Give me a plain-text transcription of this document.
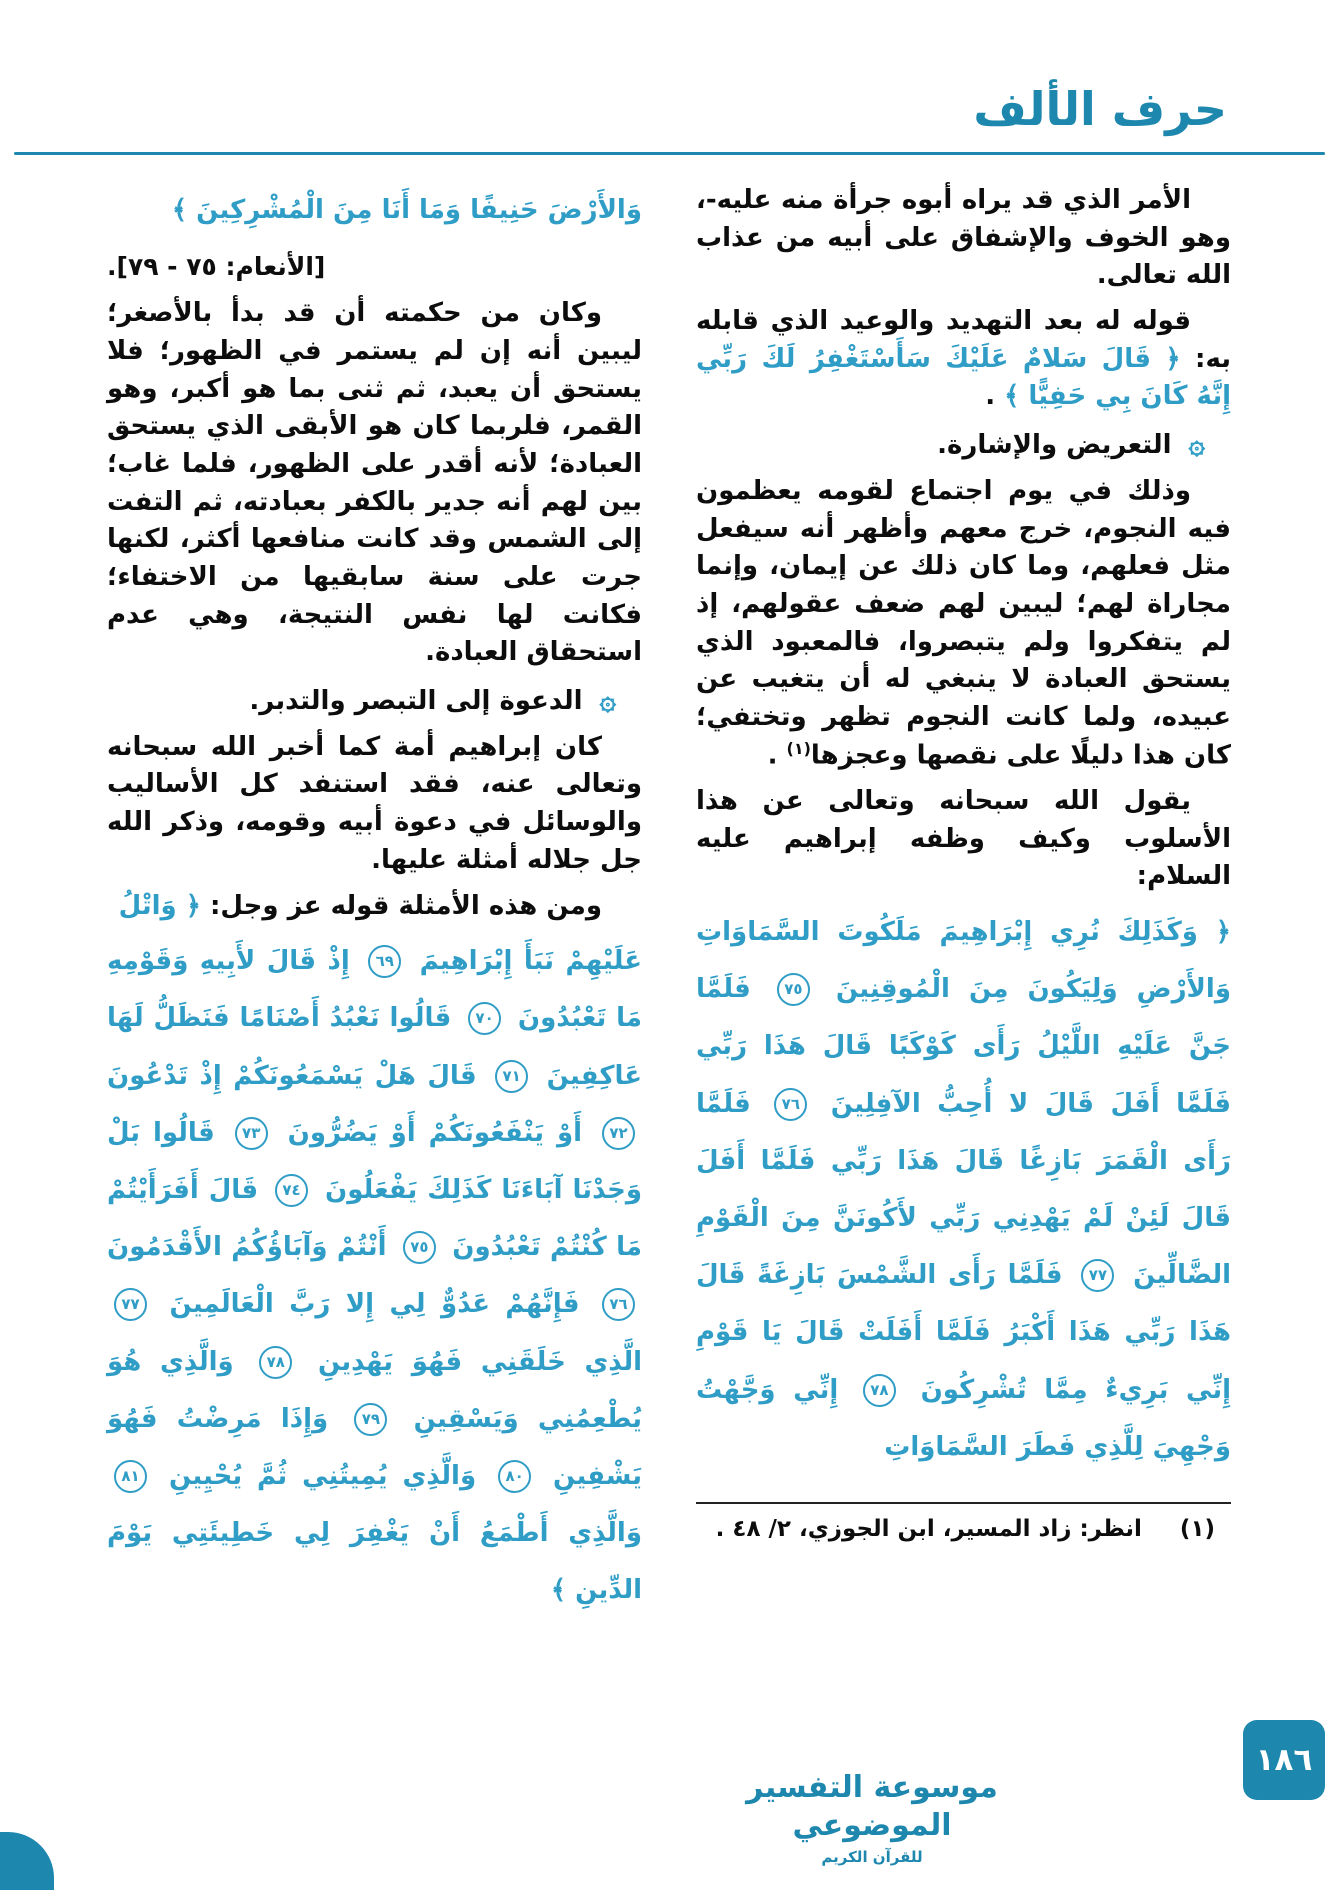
حرف الألف

الأمر الذي قد يراه أبوه جرأة منه عليه-، وهو الخوف والإشفاق على أبيه من عذاب الله تعالى.

قوله له بعد التهديد والوعيد الذي قابله به: ﴿ قَالَ سَلامٌ عَلَيْكَ سَأَسْتَغْفِرُ لَكَ رَبِّي إِنَّهُ كَانَ بِي حَفِيًّا ﴾ .

۞ التعريض والإشارة.

وذلك في يوم اجتماع لقومه يعظمون فيه النجوم، خرج معهم وأظهر أنه سيفعل مثل فعلهم، وما كان ذلك عن إيمان، وإنما مجاراة لهم؛ ليبين لهم ضعف عقولهم، إذ لم يتفكروا ولم يتبصروا، فالمعبود الذي يستحق العبادة لا ينبغي له أن يتغيب عن عبيده، ولما كانت النجوم تظهر وتختفي؛ كان هذا دليلًا على نقصها وعجزها$^{(١)}$ .

يقول الله سبحانه وتعالى عن هذا الأسلوب وكيف وظفه إبراهيم عليه السلام:

﴿ وَكَذَلِكَ نُرِي إِبْرَاهِيمَ مَلَكُوتَ السَّمَاوَاتِ وَالأَرْضِ وَلِيَكُونَ مِنَ الْمُوقِنِينَ ٧٥ فَلَمَّا جَنَّ عَلَيْهِ اللَّيْلُ رَأَى كَوْكَبًا قَالَ هَذَا رَبِّي فَلَمَّا أَفَلَ قَالَ لا أُحِبُّ الآفِلِينَ ٧٦ فَلَمَّا رَأَى الْقَمَرَ بَازِغًا قَالَ هَذَا رَبِّي فَلَمَّا أَفَلَ قَالَ لَئِنْ لَمْ يَهْدِنِي رَبِّي لأَكُونَنَّ مِنَ الْقَوْمِ الضَّالِّينَ ٧٧ فَلَمَّا رَأَى الشَّمْسَ بَازِغَةً قَالَ هَذَا رَبِّي هَذَا أَكْبَرُ فَلَمَّا أَفَلَتْ قَالَ يَا قَوْمِ إِنِّي بَرِيءٌ مِمَّا تُشْرِكُونَ ٧٨ إِنِّي وَجَّهْتُ وَجْهِيَ لِلَّذِي فَطَرَ السَّمَاوَاتِ

(١)
انظر: زاد المسير، ابن الجوزي، ٢/ ٤٨ .

وَالأَرْضَ حَنِيفًا وَمَا أَنَا مِنَ الْمُشْرِكِينَ ﴾

[الأنعام: ٧٥ - ٧٩].

وكان من حكمته أن قد بدأ بالأصغر؛ ليبين أنه إن لم يستمر في الظهور؛ فلا يستحق أن يعبد، ثم ثنى بما هو أكبر، وهو القمر، فلربما كان هو الأبقى الذي يستحق العبادة؛ لأنه أقدر على الظهور، فلما غاب؛ بين لهم أنه جدير بالكفر بعبادته، ثم التفت إلى الشمس وقد كانت منافعها أكثر، لكنها جرت على سنة سابقيها من الاختفاء؛ فكانت لها نفس النتيجة، وهي عدم استحقاق العبادة.

۞ الدعوة إلى التبصر والتدبر.

كان إبراهيم أمة كما أخبر الله سبحانه وتعالى عنه، فقد استنفد كل الأساليب والوسائل في دعوة أبيه وقومه، وذكر الله جل جلاله أمثلة عليها.

ومن هذه الأمثلة قوله عز وجل: ﴿ وَاتْلُ

عَلَيْهِمْ نَبَأَ إِبْرَاهِيمَ ٦٩ إِذْ قَالَ لأَبِيهِ وَقَوْمِهِ مَا تَعْبُدُونَ ٧٠ قَالُوا نَعْبُدُ أَصْنَامًا فَنَظَلُّ لَهَا عَاكِفِينَ ٧١ قَالَ هَلْ يَسْمَعُونَكُمْ إِذْ تَدْعُونَ ٧٢ أَوْ يَنْفَعُونَكُمْ أَوْ يَضُرُّونَ ٧٣ قَالُوا بَلْ وَجَدْنَا آبَاءَنَا كَذَلِكَ يَفْعَلُونَ ٧٤ قَالَ أَفَرَأَيْتُمْ مَا كُنْتُمْ تَعْبُدُونَ ٧٥ أَنْتُمْ وَآبَاؤُكُمُ الأَقْدَمُونَ ٧٦ فَإِنَّهُمْ عَدُوٌّ لِي إِلا رَبَّ الْعَالَمِينَ ٧٧ الَّذِي خَلَقَنِي فَهُوَ يَهْدِينِ ٧٨ وَالَّذِي هُوَ يُطْعِمُنِي وَيَسْقِينِ ٧٩ وَإِذَا مَرِضْتُ فَهُوَ يَشْفِينِ ٨٠ وَالَّذِي يُمِيتُنِي ثُمَّ يُحْيِينِ ٨١ وَالَّذِي أَطْمَعُ أَنْ يَغْفِرَ لِي خَطِيئَتِي يَوْمَ الدِّينِ ﴾

موسوعة التفسير الموضوعي
للقرآن الكريم
١٨٦
